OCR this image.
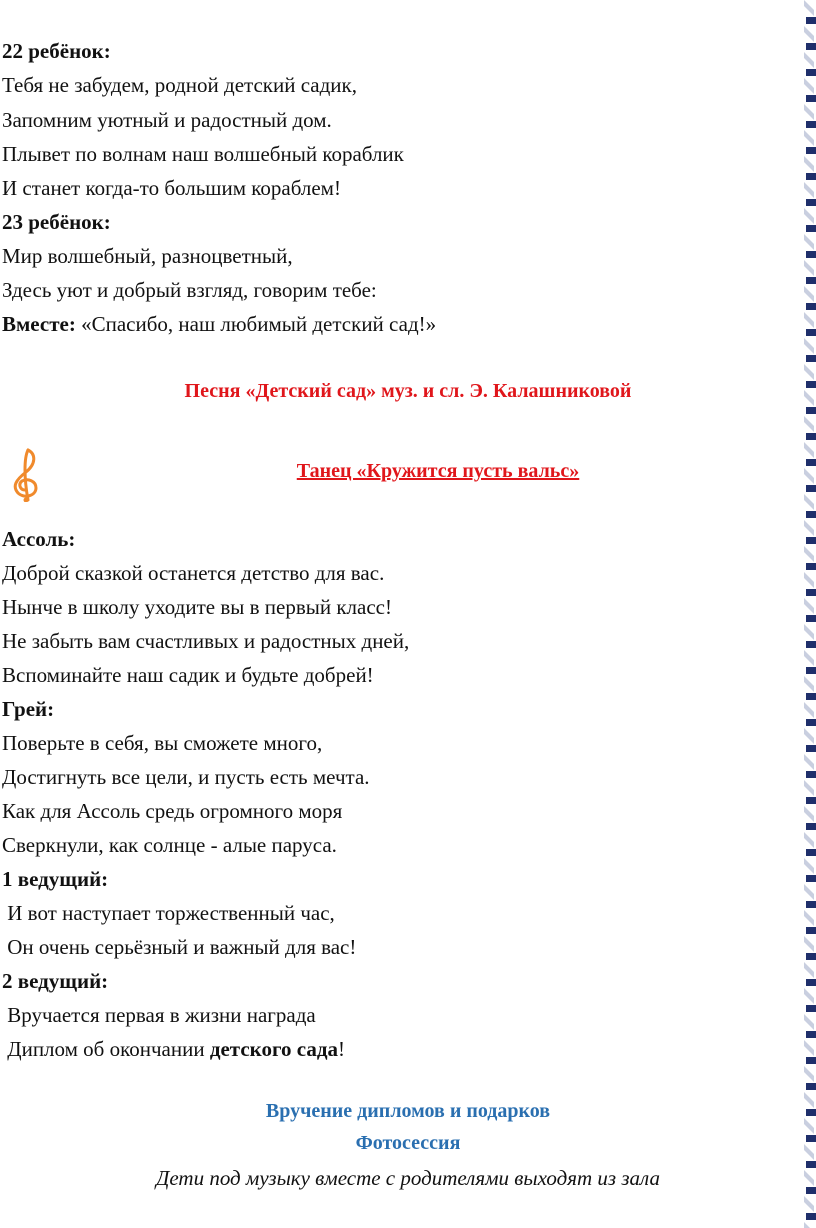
22 ребёнок:
Тебя не забудем, родной детский садик,
Запомним уютный и радостный дом.
Плывет по волнам наш волшебный кораблик
И станет когда-то большим кораблем!
23 ребёнок:
Мир волшебный, разноцветный,
Здесь уют и добрый взгляд, говорим тебе:
Вместе: «Спасибо, наш любимый детский сад!»
Песня «Детский сад» муз. и сл. Э. Калашниковой
Танец «Кружится пусть вальс»
Ассоль:
Доброй сказкой останется детство для вас.
Нынче в школу уходите вы в первый класс!
Не забыть вам счастливых и радостных дней,
Вспоминайте наш садик и будьте добрей!
Грей:
Поверьте в себя, вы сможете много,
Достигнуть все цели, и пусть есть мечта.
Как для Ассоль средь огромного моря
Сверкнули, как солнце - алые паруса.
1 ведущий:
И вот наступает торжественный час,
Он очень серьёзный и важный для вас!
2 ведущий:
Вручается первая в жизни награда
Диплом об окончании детского сада!
Вручение дипломов и подарков
Фотосессия
Дети под музыку вместе с родителями выходят из зала
